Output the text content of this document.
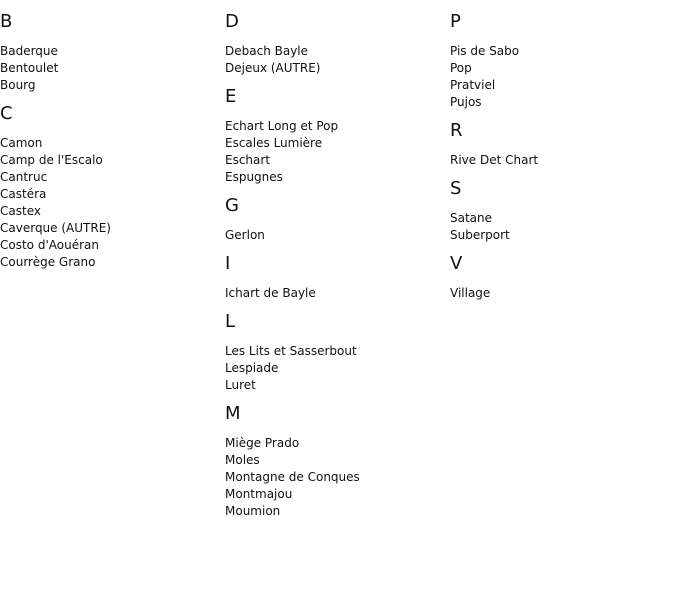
B
Baderque
Bentoulet
Bourg
C
Camon
Camp de l'Escalo
Cantruc
Castéra
Castex
Caverque (AUTRE)
Costo d'Aouéran
Courrège Grano
D
Debach Bayle
Dejeux (AUTRE)
E
Echart Long et Pop
Escales Lumière
Eschart
Espugnes
G
Gerlon
I
Ichart de Bayle
L
Les Lits et Sasserbout
Lespiade
Luret
M
Miège Prado
Moles
Montagne de Conques
Montmajou
Moumion
P
Pis de Sabo
Pop
Pratviel
Pujos
R
Rive Det Chart
S
Satane
Suberport
V
Village
